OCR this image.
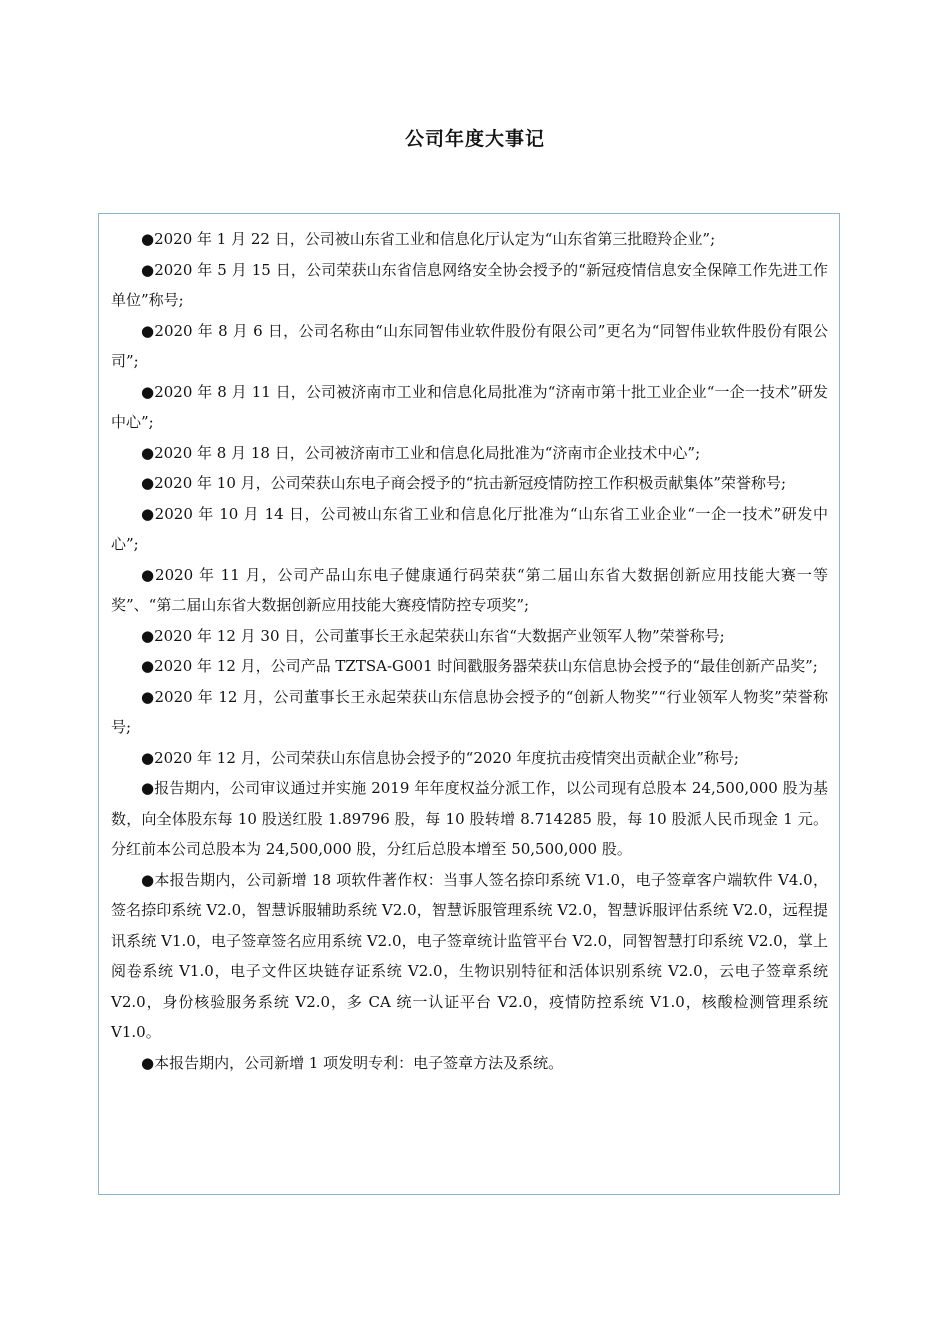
公司年度大事记

●2020 年 1 月 22 日，公司被山东省工业和信息化厅认定为“山东省第三批瞪羚企业”;

●2020 年 5 月 15 日，公司荣获山东省信息网络安全协会授予的“新冠疫情信息安全保障工作先进工作单位”称号;

●2020 年 8 月 6 日，公司名称由“山东同智伟业软件股份有限公司”更名为“同智伟业软件股份有限公司”;

●2020 年 8 月 11 日，公司被济南市工业和信息化局批准为“济南市第十批工业企业“一企一技术”研发中心”;

●2020 年 8 月 18 日，公司被济南市工业和信息化局批准为“济南市企业技术中心”;

●2020 年 10 月，公司荣获山东电子商会授予的“抗击新冠疫情防控工作积极贡献集体”荣誉称号;

●2020 年 10 月 14 日，公司被山东省工业和信息化厅批准为“山东省工业企业“一企一技术”研发中心”;

●2020 年 11 月，公司产品山东电子健康通行码荣获“第二届山东省大数据创新应用技能大赛一等奖”、“第二届山东省大数据创新应用技能大赛疫情防控专项奖”;

●2020 年 12 月 30 日，公司董事长王永起荣获山东省“大数据产业领军人物”荣誉称号;

●2020 年 12 月，公司产品 TZTSA-G001 时间戳服务器荣获山东信息协会授予的“最佳创新产品奖”;

●2020 年 12 月，公司董事长王永起荣获山东信息协会授予的“创新人物奖”“行业领军人物奖”荣誉称号;

●2020 年 12 月，公司荣获山东信息协会授予的“2020 年度抗击疫情突出贡献企业”称号;

●报告期内，公司审议通过并实施 2019 年年度权益分派工作，以公司现有总股本 24,500,000 股为基数，向全体股东每 10 股送红股 1.89796 股，每 10 股转增 8.714285 股，每 10 股派人民币现金 1 元。分红前本公司总股本为 24,500,000 股，分红后总股本增至 50,500,000 股。

●本报告期内，公司新增 18 项软件著作权：当事人签名捺印系统 V1.0，电子签章客户端软件 V4.0，签名捺印系统 V2.0，智慧诉服辅助系统 V2.0，智慧诉服管理系统 V2.0，智慧诉服评估系统 V2.0，远程提讯系统 V1.0，电子签章签名应用系统 V2.0，电子签章统计监管平台 V2.0，同智智慧打印系统 V2.0，掌上阅卷系统 V1.0，电子文件区块链存证系统 V2.0，生物识别特征和活体识别系统 V2.0，云电子签章系统 V2.0，身份核验服务系统 V2.0，多 CA 统一认证平台 V2.0，疫情防控系统 V1.0，核酸检测管理系统 V1.0。

●本报告期内，公司新增 1 项发明专利：电子签章方法及系统。
